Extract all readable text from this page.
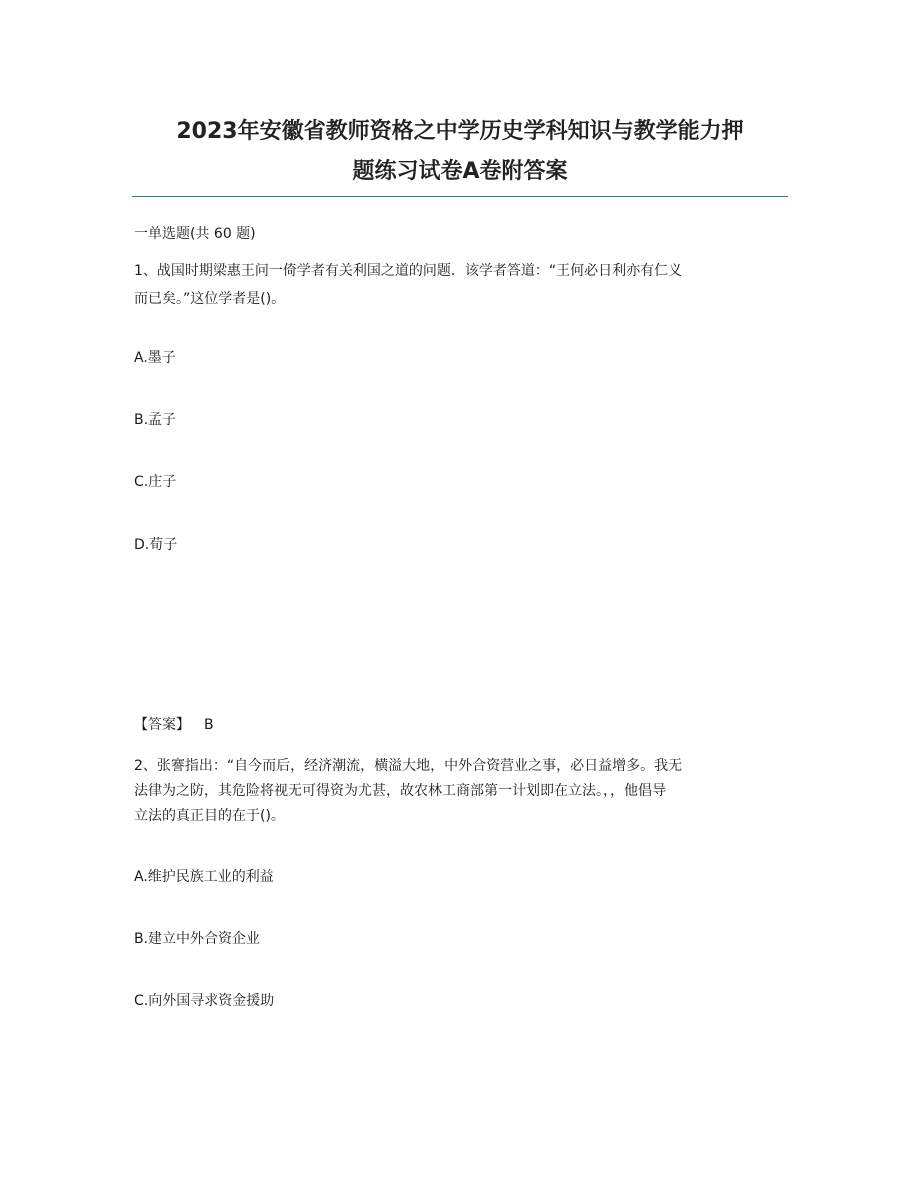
2023年安徽省教师资格之中学历史学科知识与教学能力押
题练习试卷A卷附答案
一单选题(共 60 题)
1、战国时期梁惠王问一倚学者有关利国之道的问题．该学者答道：“王何必日利亦有仁义
而已矣。”这位学者是()。
A.墨子
B.孟子
C.庄子
D.荀子
【答案】 B
2、张謇指出：“自今而后，经济潮流，横溢大地，中外合资营业之事，必日益增多。我无
法律为之防，其危险将视无可得资为尤甚，故农林工商部第一计划即在立法。，，他倡导
立法的真正目的在于()。
A.维护民族工业的利益
B.建立中外合资企业
C.向外国寻求资金援助
